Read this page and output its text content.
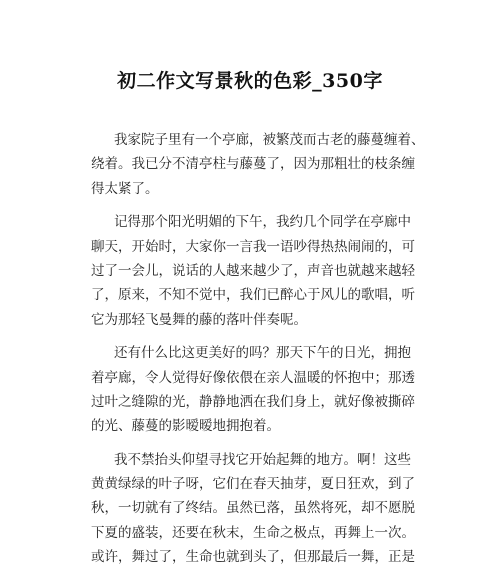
初二作文写景秋的色彩_350字
我家院子里有一个亭廊，被繁茂而古老的藤蔓缠着、
绕着。我已分不清亭柱与藤蔓了，因为那粗壮的枝条缠
得太紧了。
记得那个阳光明媚的下午，我约几个同学在亭廊中
聊天，开始时，大家你一言我一语吵得热热闹闹的，可
过了一会儿，说话的人越来越少了，声音也就越来越轻
了，原来，不知不觉中，我们已醉心于风儿的歌唱，听
它为那轻飞曼舞的藤的落叶伴奏呢。
还有什么比这更美好的吗？那天下午的日光，拥抱
着亭廊，令人觉得好像依偎在亲人温暖的怀抱中；那透
过叶之缝隙的光，静静地洒在我们身上，就好像被撕碎
的光、藤蔓的影暧暧地拥抱着。
我不禁抬头仰望寻找它开始起舞的地方。啊！这些
黄黄绿绿的叶子呀，它们在春天抽芽，夏日狂欢，到了
秋，一切就有了终结。虽然已落，虽然将死，却不愿脱
下夏的盛装，还要在秋末，生命之极点，再舞上一次。
或许，舞过了，生命也就到头了，但那最后一舞，正是
